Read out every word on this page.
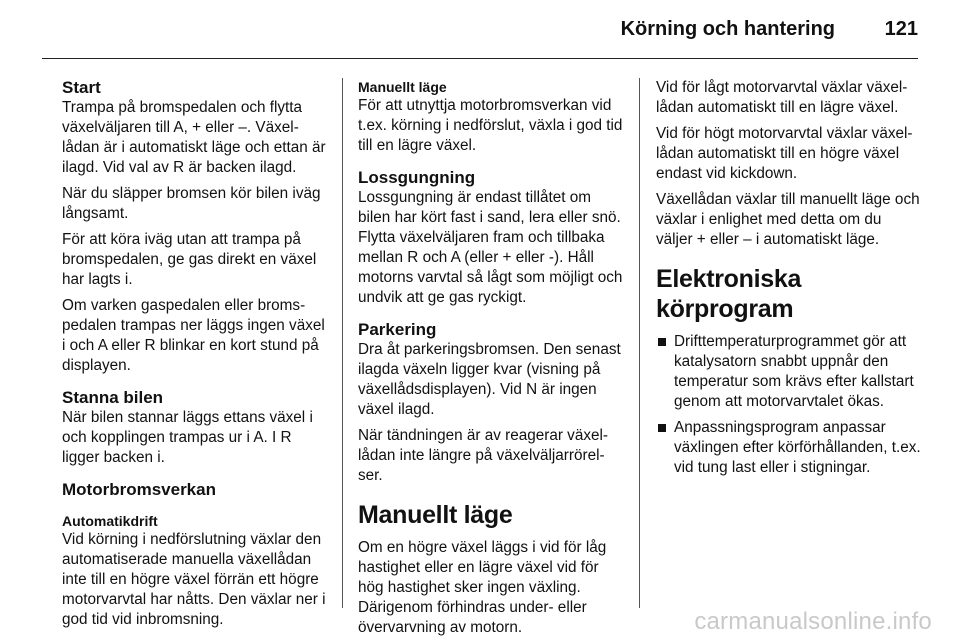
Körning och hantering 121
Start

Trampa på bromspedalen och flytta växelväljaren till A, + eller –. Växellådan är i automatiskt läge och ettan är ilagd. Vid val av R är backen ilagd.

När du släpper bromsen kör bilen iväg långsamt.

För att köra iväg utan att trampa på bromspedalen, ge gas direkt en växel har lagts i.

Om varken gaspedalen eller bromspedalen trampas ner läggs ingen växel i och A eller R blinkar en kort stund på displayen.

Stanna bilen

När bilen stannar läggs ettans växel i och kopplingen trampas ur i A. I R ligger backen i.

Motorbromsverkan
Automatikdrift

Vid körning i nedförslutning växlar den automatiserade manuella växellådan inte till en högre växel förrän ett högre motorvarvtal har nåtts. Den växlar ner i god tid vid inbromsning.

Manuellt läge

För att utnyttja motorbromsverkan vid t.ex. körning i nedförslut, växla i god tid till en lägre växel.

Lossgungning

Lossgungning är endast tillåtet om bilen har kört fast i sand, lera eller snö. Flytta växelväljaren fram och tillbaka mellan R och A (eller + eller -). Håll motorns varvtal så lågt som möjligt och undvik att ge gas ryckigt.

Parkering

Dra åt parkeringsbromsen. Den senast ilagda växeln ligger kvar (visning på växellådsdisplayen). Vid N är ingen växel ilagd.

När tändningen är av reagerar växellådan inte längre på växelväljarrörelser.

Manuellt läge

Om en högre växel läggs i vid för låg hastighet eller en lägre växel vid för hög hastighet sker ingen växling. Därigenom förhindras under- eller övervarvning av motorn.

Vid för lågt motorvarvtal växlar växellådan automatiskt till en lägre växel.

Vid för högt motorvarvtal växlar växellådan automatiskt till en högre växel endast vid kickdown.

Växellådan växlar till manuellt läge och växlar i enlighet med detta om du väljer + eller – i automatiskt läge.

Elektroniska körprogram
Drifttemperaturprogrammet gör att katalysatorn snabbt uppnår den temperatur som krävs efter kallstart genom att motorvarvtalet ökas.
Anpassningsprogram anpassar växlingen efter körförhållanden, t.ex. vid tung last eller i stigningar.
carmanualsonline.info
